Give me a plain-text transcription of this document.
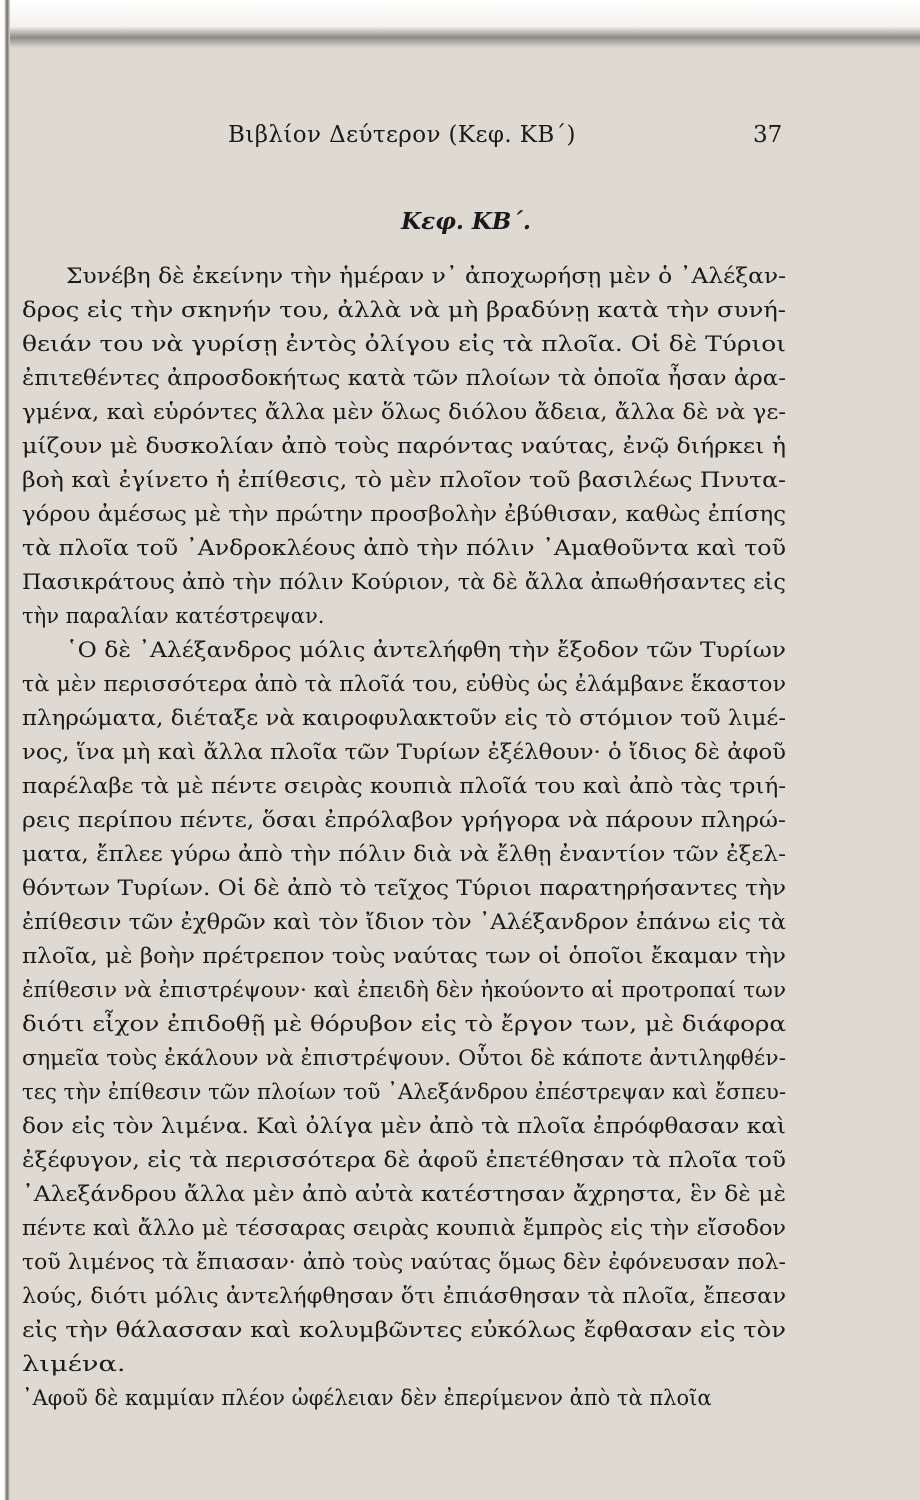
Βιβλίον Δεύτερον (Κεφ. ΚΒ΄)	37
Κεφ. ΚΒ΄.
Συνέβη δὲ ἐκείνην τὴν ἡμέραν ν᾿ ἀποχωρήσῃ μὲν ὁ ᾿Αλέξαν-
δρος εἰς τὴν σκηνήν του, ἀλλὰ νὰ μὴ βραδύνῃ κατὰ τὴν συνή-
θειάν του νὰ γυρίσῃ ἐντὸς ὀλίγου εἰς τὰ πλοῖα. Οἱ δὲ Τύριοι
ἐπιτεθέντες ἀπροσδοκήτως κατὰ τῶν πλοίων τὰ ὁποῖα ἦσαν ἀρα-
γμένα, καὶ εὑρόντες ἄλλα μὲν ὅλως διόλου ἄδεια, ἄλλα δὲ νὰ γε-
μίζουν μὲ δυσκολίαν ἀπὸ τοὺς παρόντας ναύτας, ἐνῷ διήρκει ἡ
βοὴ καὶ ἐγίνετο ἡ ἐπίθεσις, τὸ μὲν πλοῖον τοῦ βασιλέως Πνυτα-
γόρου ἀμέσως μὲ τὴν πρώτην προσβολὴν ἐβύθισαν, καθὼς ἐπίσης
τὰ πλοῖα τοῦ ᾿Ανδροκλέους ἀπὸ τὴν πόλιν ᾿Αμαθοῦντα καὶ τοῦ
Πασικράτους ἀπὸ τὴν πόλιν Κούριον, τὰ δὲ ἄλλα ἀπωθήσαντες εἰς
τὴν παραλίαν κατέστρεψαν.
῾Ο δὲ ᾿Αλέξανδρος μόλις ἀντελήφθη τὴν ἔξοδον τῶν Τυρίων
τὰ μὲν περισσότερα ἀπὸ τὰ πλοῖά του, εὐθὺς ὡς ἐλάμβανε ἕκαστον
πληρώματα, διέταξε νὰ καιροφυλακτοῦν εἰς τὸ στόμιον τοῦ λιμέ-
νος, ἵνα μὴ καὶ ἄλλα πλοῖα τῶν Τυρίων ἐξέλθουν· ὁ ἴδιος δὲ ἀφοῦ
παρέλαβε τὰ μὲ πέντε σειρὰς κουπιὰ πλοῖά του καὶ ἀπὸ τὰς τριή-
ρεις περίπου πέντε, ὅσαι ἐπρόλαβον γρήγορα νὰ πάρουν πληρώ-
ματα, ἔπλεε γύρω ἀπὸ τὴν πόλιν διὰ νὰ ἔλθῃ ἐναντίον τῶν ἐξελ-
θόντων Τυρίων. Οἱ δὲ ἀπὸ τὸ τεῖχος Τύριοι παρατηρήσαντες τὴν
ἐπίθεσιν τῶν ἐχθρῶν καὶ τὸν ἴδιον τὸν ᾿Αλέξανδρον ἐπάνω εἰς τὰ
πλοῖα, μὲ βοὴν πρέτρεπον τοὺς ναύτας των οἱ ὁποῖοι ἔκαμαν τὴν
ἐπίθεσιν νὰ ἐπιστρέψουν· καὶ ἐπειδὴ δὲν ἠκούοντο αἱ προτροπαί των
διότι εἶχον ἐπιδοθῇ μὲ θόρυβον εἰς τὸ ἔργον των, μὲ διάφορα
σημεῖα τοὺς ἐκάλουν νὰ ἐπιστρέψουν. Οὗτοι δὲ κάποτε ἀντιληφθέν-
τες τὴν ἐπίθεσιν τῶν πλοίων τοῦ ᾿Αλεξάνδρου ἐπέστρεψαν καὶ ἔσπευ-
δον εἰς τὸν λιμένα. Καὶ ὀλίγα μὲν ἀπὸ τὰ πλοῖα ἐπρόφθασαν καὶ
ἐξέφυγον, εἰς τὰ περισσότερα δὲ ἀφοῦ ἐπετέθησαν τὰ πλοῖα τοῦ
᾿Αλεξάνδρου ἄλλα μὲν ἀπὸ αὐτὰ κατέστησαν ἄχρηστα, ἓν δὲ μὲ
πέντε καὶ ἄλλο μὲ τέσσαρας σειρὰς κουπιὰ ἔμπρὸς εἰς τὴν εἴσοδον
τοῦ λιμένος τὰ ἔπιασαν· ἀπὸ τοὺς ναύτας ὅμως δὲν ἐφόνευσαν πολ-
λούς, διότι μόλις ἀντελήφθησαν ὅτι ἐπιάσθησαν τὰ πλοῖα, ἔπεσαν
εἰς τὴν θάλασσαν καὶ κολυμβῶντες εὐκόλως ἔφθασαν εἰς τὸν
λιμένα.
᾿Αφοῦ δὲ καμμίαν πλέον ὠφέλειαν δὲν ἐπερίμενον ἀπὸ τὰ πλοῖα
